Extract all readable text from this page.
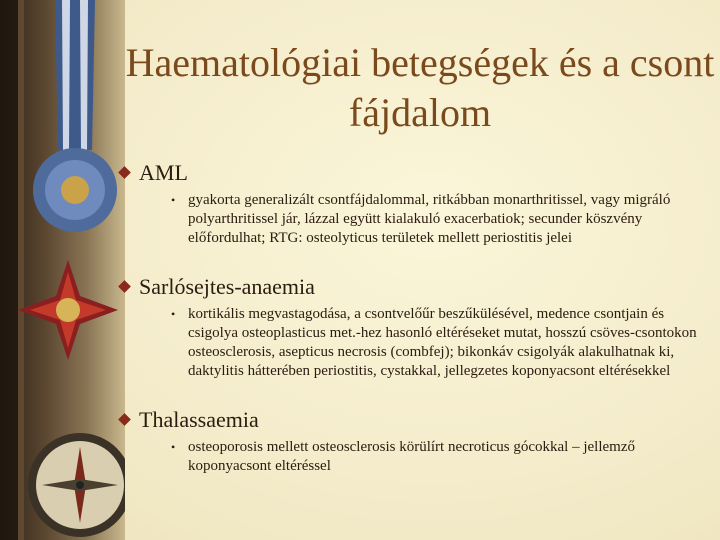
Haematológiai betegségek és a csont fájdalom
AML
• gyakorta generalizált csontfájdalommal, ritkábban monarthritissel, vagy migráló polyarthritissel jár, lázzal együtt kialakuló exacerbatiok; secunder köszvény előfordulhat; RTG: osteolyticus területek mellett periostitis jelei
Sarlósejtes-anaemia
• kortikális megvastagodása, a csontvelőűr beszűkülésével, medence csontjain és csigolya osteoplasticus met.-hez hasonló eltéréseket mutat, hosszú csöves-csontokon osteosclerosis, asepticus necrosis (combfej); bikonkáv csigolyák alakulhatnak ki, daktylitis hátterében periostitis, cystakkal, jellegzetes koponyacsont eltérésekkel
Thalassaemia
• osteoporosis mellett osteosclerosis körülírt necroticus gócokkal – jellemző koponyacsont eltéréssel
